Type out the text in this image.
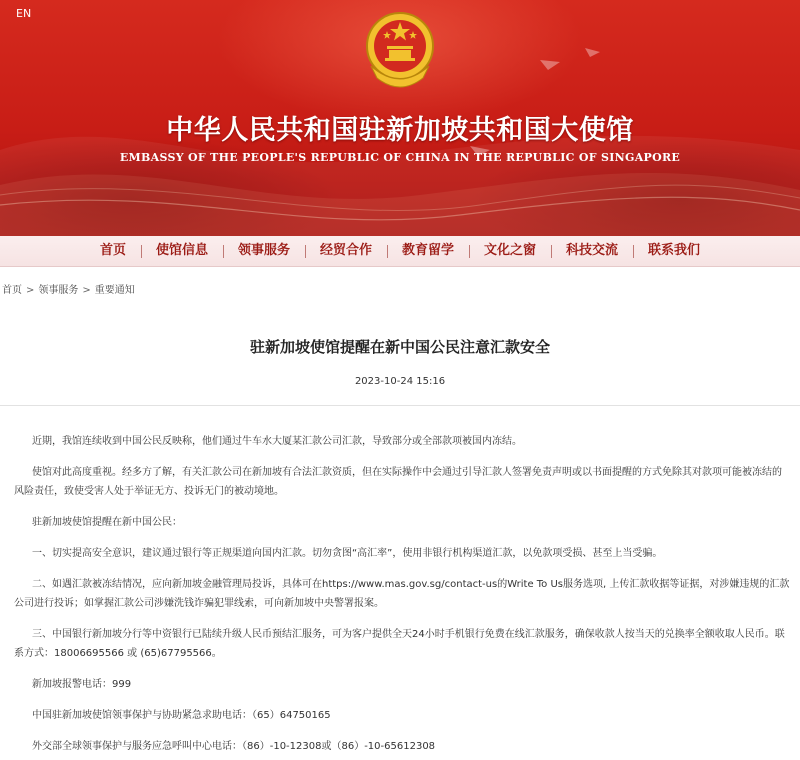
EN
中华人民共和国驻新加坡共和国大使馆
EMBASSY OF THE PEOPLE'S REPUBLIC OF CHINA IN THE REPUBLIC OF SINGAPORE
首页	使馆信息	领事服务	经贸合作	教育留学	文化之窗	科技交流	联系我们
首页 > 领事服务 > 重要通知
驻新加坡使馆提醒在新中国公民注意汇款安全
2023-10-24 15:16

近期，我馆连续收到中国公民反映称，他们通过牛车水大厦某汇款公司汇款，导致部分或全部款项被国内冻结。

使馆对此高度重视。经多方了解，有关汇款公司在新加坡有合法汇款资质，但在实际操作中会通过引导汇款人签署免责声明或以书面提醒的方式免除其对款项可能被冻结的风险责任，致使受害人处于举证无方、投诉无门的被动境地。

驻新加坡使馆提醒在新中国公民：

一、切实提高安全意识，建议通过银行等正规渠道向国内汇款。切勿贪图“高汇率”，使用非银行机构渠道汇款，以免款项受损、甚至上当受骗。

二、如遇汇款被冻结情况，应向新加坡金融管理局投诉，具体可在https://www.mas.gov.sg/contact-us的Write To Us服务选项, 上传汇款收据等证据，对涉嫌违规的汇款公司进行投诉；如掌握汇款公司涉嫌洗钱诈骗犯罪线索，可向新加坡中央警署报案。

三、中国银行新加坡分行等中资银行已陆续升级人民币预结汇服务，可为客户提供全天24小时手机银行免费在线汇款服务，确保收款人按当天的兑换率全额收取人民币。联系方式：18006695566 或 (65)67795566。

新加坡报警电话：999

中国驻新加坡使馆领事保护与协助紧急求助电话：（65）64750165

外交部全球领事保护与服务应急呼叫中心电话：（86）-10-12308或（86）-10-65612308
